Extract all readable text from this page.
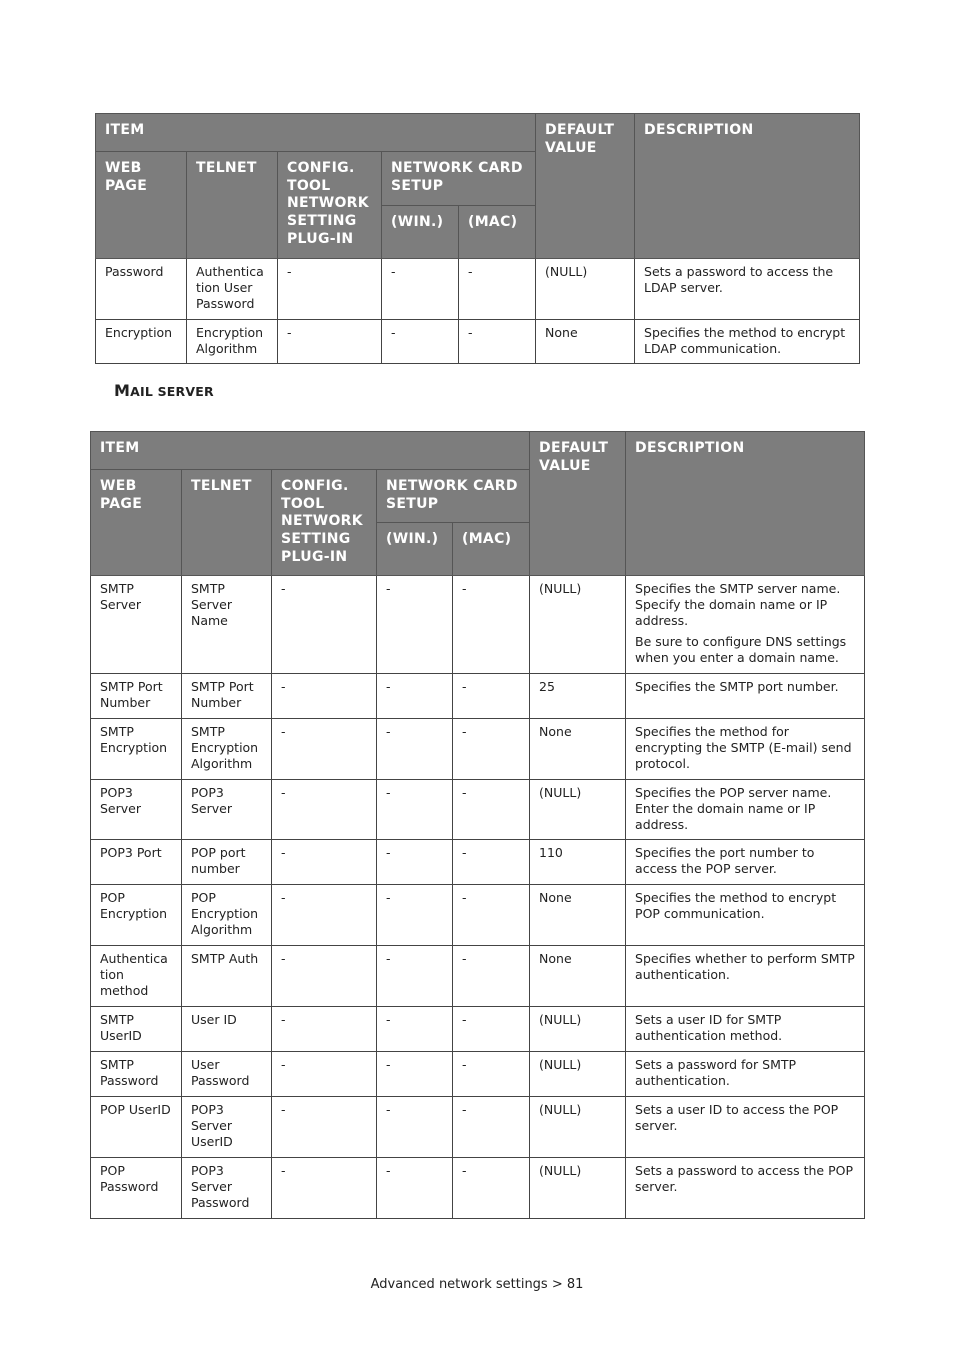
ITEM					DEFAULT VALUE	DESCRIPTION
WEB PAGE	TELNET	CONFIG. TOOL NETWORK SETTING PLUG-IN	NETWORK CARD SETUP			
			(WIN.)	(MAC)		
Password	Authentica tion User Password	-	-	-	(NULL)	Sets a password to access the LDAP server.

Encryption	Encryption Algorithm	-	-	-	None	Specifies the method to encrypt LDAP communication.

MAIL SERVER
ITEM					DEFAULT VALUE	DESCRIPTION
WEB PAGE	TELNET	CONFIG. TOOL NETWORK SETTING PLUG-IN	NETWORK CARD SETUP			
			(WIN.)	(MAC)		
SMTP Server	SMTP Server Name	-	-	-	(NULL)	Specifies the SMTP server name. Specify the domain name or IP address.

Be sure to configure DNS settings when you enter a domain name.

SMTP Port Number	SMTP Port Number	-	-	-	25	Specifies the SMTP port number.

SMTP Encryption	SMTP Encryption Algorithm	-	-	-	None	Specifies the method for encrypting the SMTP (E-mail) send protocol.

POP3 Server	POP3 Server	-	-	-	(NULL)	Specifies the POP server name. Enter the domain name or IP address.

POP3 Port	POP port number	-	-	-	110	Specifies the port number to access the POP server.

POP Encryption	POP Encryption Algorithm	-	-	-	None	Specifies the method to encrypt POP communication.

Authentica tion method	SMTP Auth	-	-	-	None	Specifies whether to perform SMTP authentication.

SMTP UserID	User ID	-	-	-	(NULL)	Sets a user ID for SMTP authentication method.

SMTP Password	User Password	-	-	-	(NULL)	Sets a password for SMTP authentication.

POP UserID	POP3 Server UserID	-	-	-	(NULL)	Sets a user ID to access the POP server.

POP Password	POP3 Server Password	-	-	-	(NULL)	Sets a password to access the POP server.

Advanced network settings > 81
